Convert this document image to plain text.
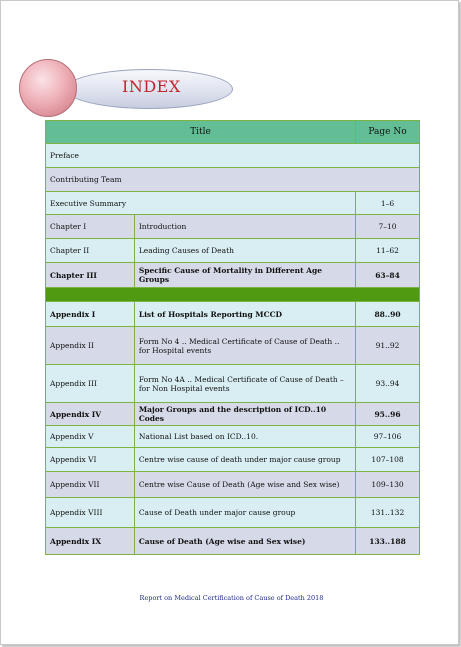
INDEX
Title		Page No
Preface		
Contributing Team		
Executive Summary		1–6
Chapter I	Introduction	7–10
Chapter II	Leading Causes of Death	11–62
Chapter III	Specific Cause of Mortality in Different Age Groups	63–84

Appendix I	List of Hospitals Reporting MCCD	88..90
Appendix II	Form No 4 .. Medical Certificate of Cause of Death .. for Hospital events	91..92
Appendix III	Form No 4A .. Medical Certificate of Cause of Death – for Non Hospital events	93..94
Appendix IV	Major Groups and the description of ICD..10 Codes	95..96
Appendix V	National List based on ICD..10.	97–106
Appendix VI	Centre wise cause of death under major cause group	107–108
Appendix VII	Centre wise Cause of Death (Age wise and Sex wise)	109–130
Appendix VIII	Cause of Death under major cause group	131..132
Appendix IX	Cause of Death (Age wise and Sex wise)	133..188
Report on Medical Certification of Cause of Death 2018
